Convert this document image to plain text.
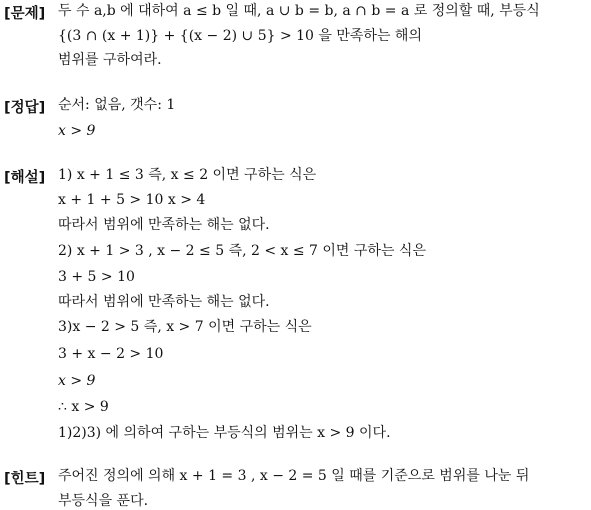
[문제] 두 수 a,b 에 대하여 a ≤ b 일 때, a ∪ b = b, a ∩ b = a 로 정의할 때, 부등식
{(3 ∩ (x + 1)} + {(x − 2) ∪ 5} > 10 을 만족하는 해의
범위를 구하여라.
[정답] 순서: 없음, 갯수: 1
x > 9
[해설] 1) x + 1 ≤ 3 즉, x ≤ 2 이면 구하는 식은
x + 1 + 5 > 10 x > 4
따라서 범위에 만족하는 해는 없다.
2) x + 1 > 3 , x − 2 ≤ 5 즉, 2 < x ≤ 7 이면 구하는 식은
3 + 5 > 10
따라서 범위에 만족하는 해는 없다.
3)x − 2 > 5 즉, x > 7 이면 구하는 식은
3 + x − 2 > 10
x > 9
∴ x > 9
1)2)3) 에 의하여 구하는 부등식의 범위는 x > 9 이다.
[힌트] 주어진 정의에 의해 x + 1 = 3 , x − 2 = 5 일 때를 기준으로 범위를 나눈 뒤
부등식을 푼다.
